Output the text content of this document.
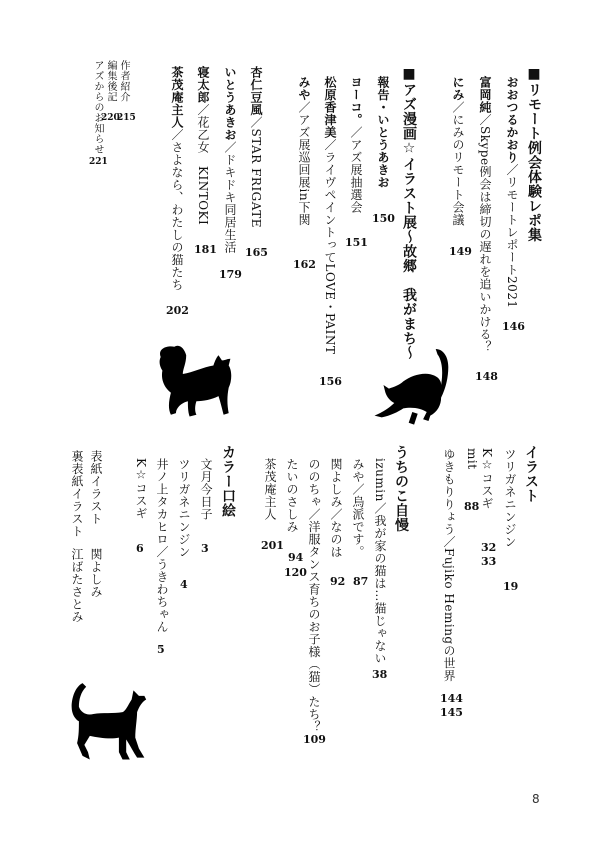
■リモート例会体験レポ集
おおつるかおり／リモートレポート2021
146
富岡純／Skype例会は締切の遅れを追いかける？
148
にみ／にみのリモート会議
149
■アズ漫画☆イラスト展～故郷　我がまち～
報告・いとうあきお
150
ヨーコ。／アズ展抽選会
151
松原香津美／ライヴペイントってLOVE・PAINT
156
みや／アズ展巡回展in下関
162
杏仁豆風／STAR FRIGATE
165
いとうあきお／ドキドキ同居生活
179
寝太郎／花乙女　KINTOKI
181
茶茂庵主人／さよなら、わたしの猫たち
202
作者紹介
215
編集後記
220
アズからのお知らせ
221
イラスト
ツリガネニンジン
19
K☆コスギ
32
33
mit
88
ゆきもりりょう／Fujiko Hemingの世界
144
145
うちのこ自慢
izumin／我が家の猫は…猫じゃない
38
みや／烏派です。
87
関よしみ／なのは
92
ののちゃ／洋服タンス育ちのお子様（猫）たち？
109
たいのさしみ
94
120
茶茂庵主人
201
カラー口絵
文月今日子
3
ツリガネニンジン
4
井ノ上タカヒロ／うきわちゃん
5
K☆コスギ
6
表紙イラスト
関よしみ
裏表紙イラスト
江ばたさとみ
8
